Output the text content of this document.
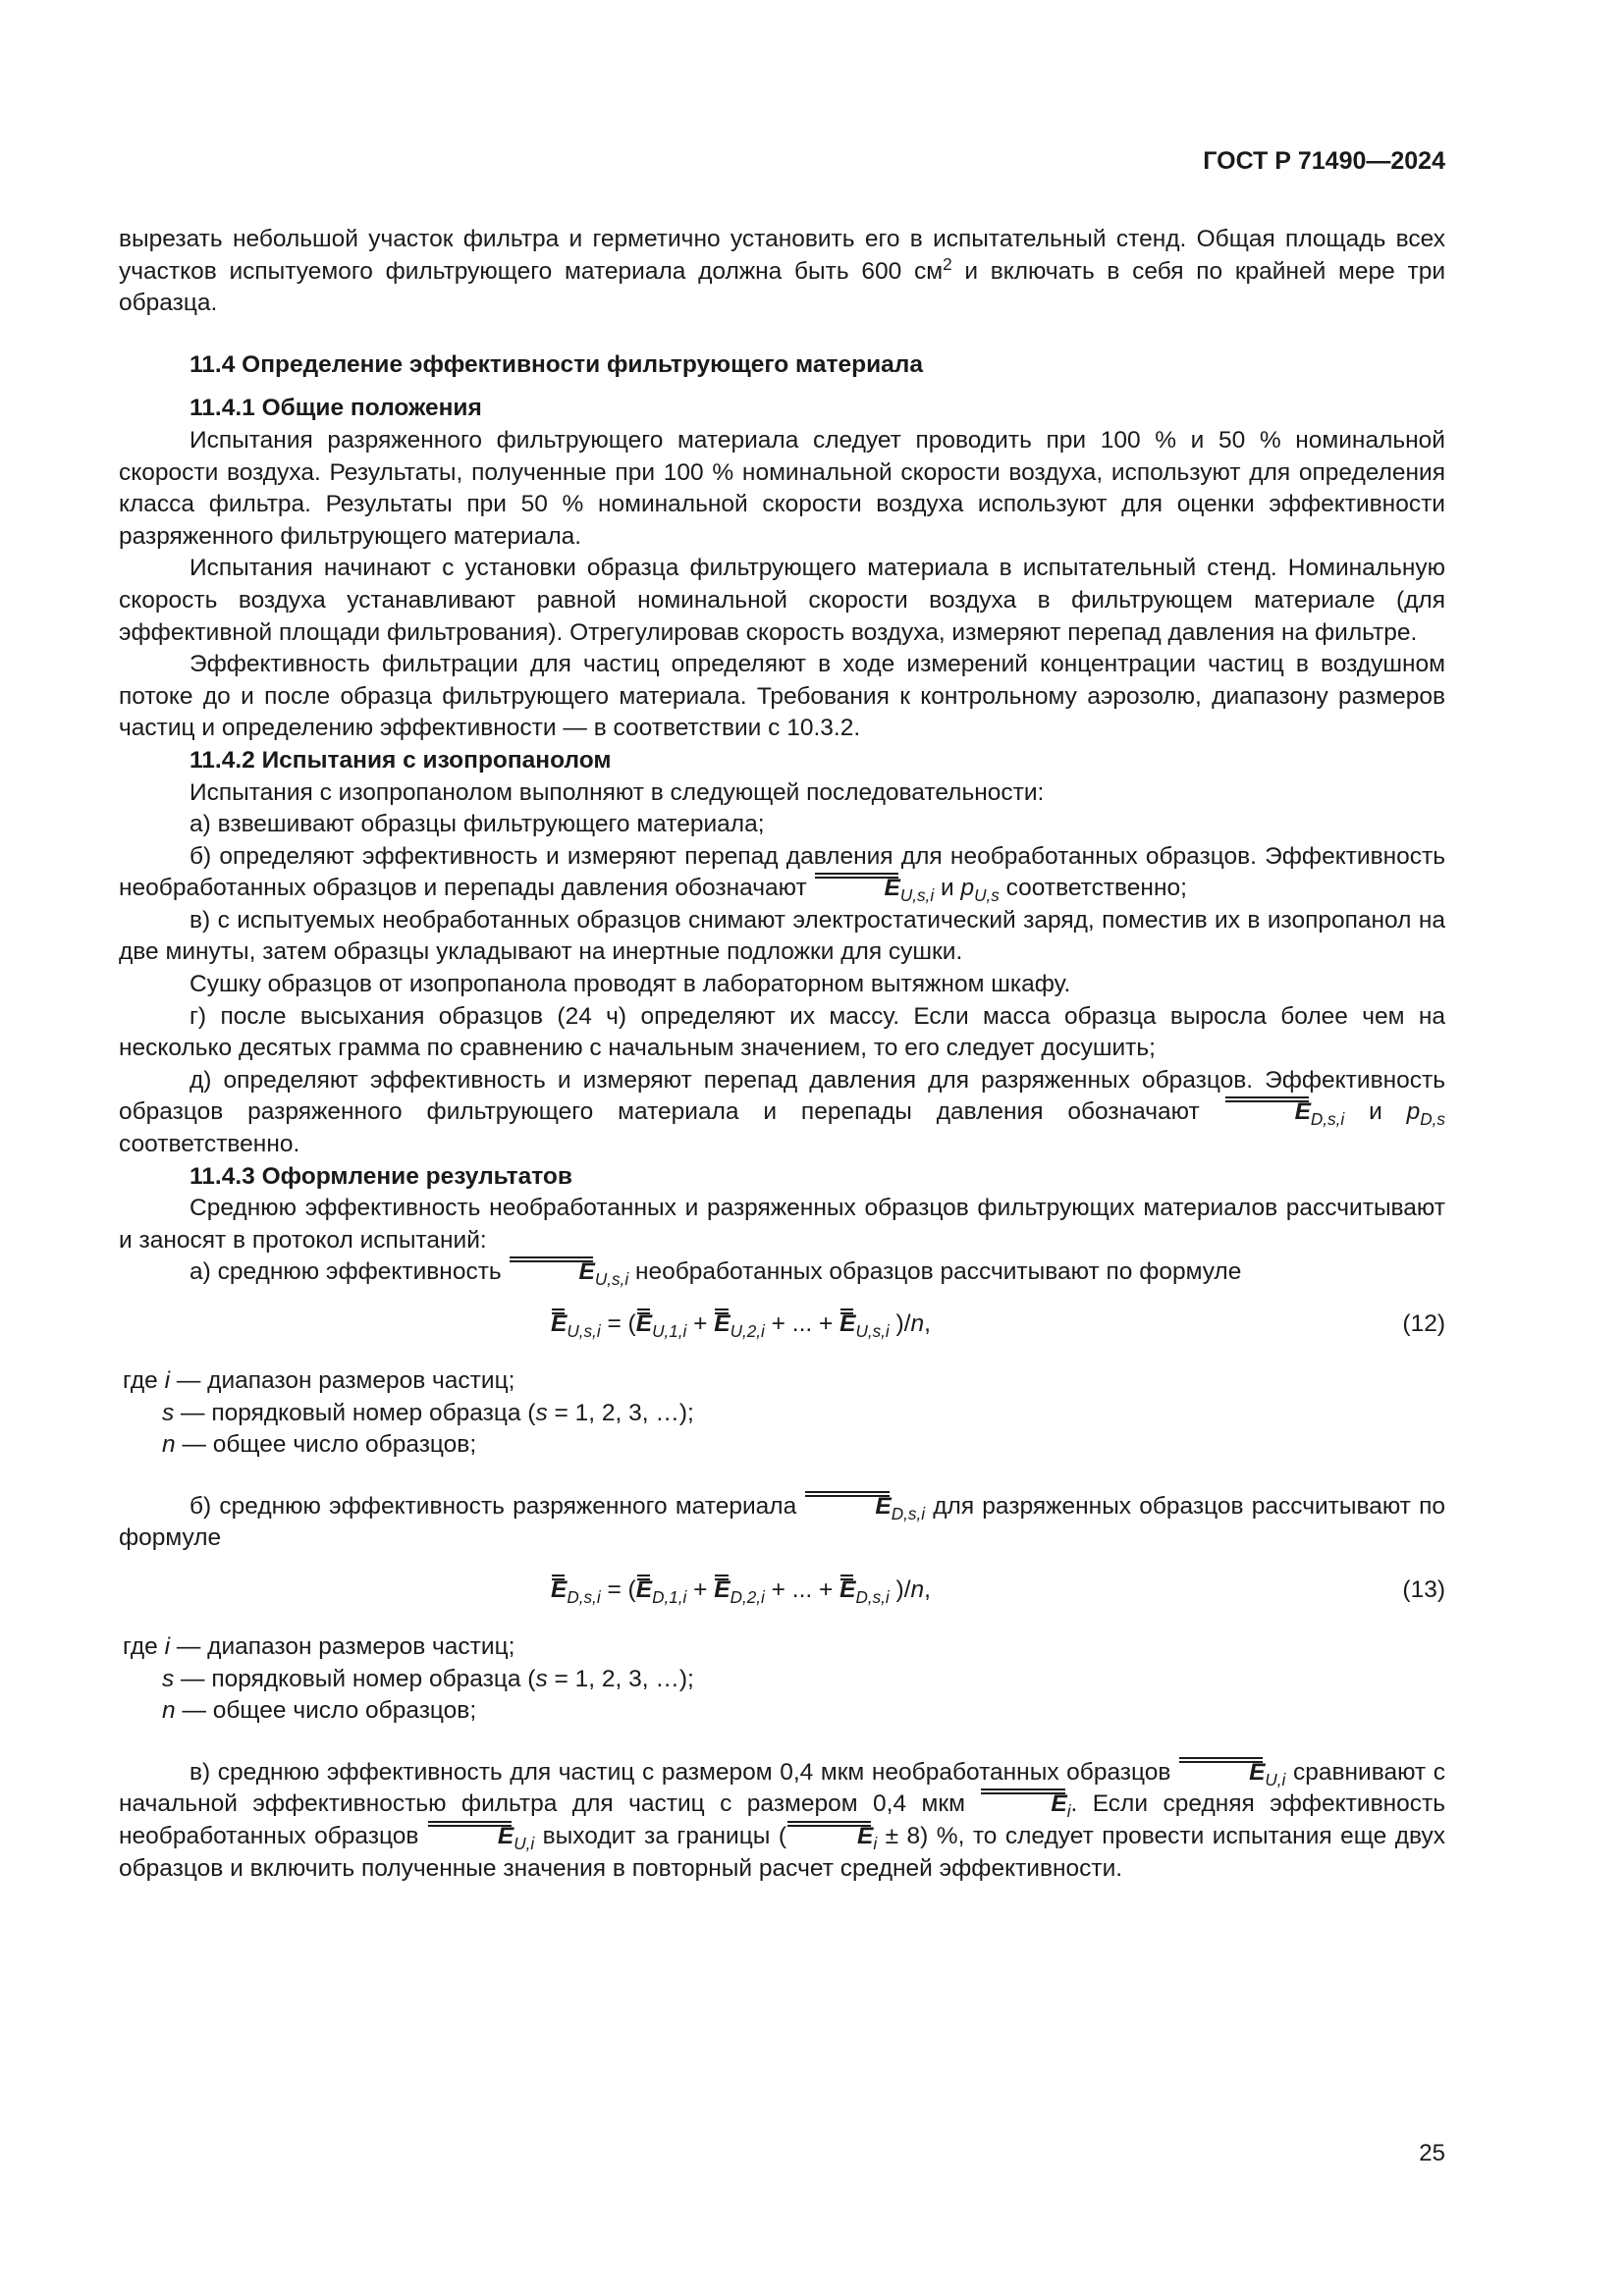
ГОСТ Р 71490—2024

вырезать небольшой участок фильтра и герметично установить его в испытательный стенд. Общая площадь всех участков испытуемого фильтрующего материала должна быть 600 $см^2$ и включать в себя по крайней мере три образца.

11.4 Определение эффективности фильтрующего материала

11.4.1 Общие положения

Испытания разряженного фильтрующего материала следует проводить при 100 % и 50 % номинальной скорости воздуха. Результаты, полученные при 100 % номинальной скорости воздуха, используют для определения класса фильтра. Результаты при 50 % номинальной скорости воздуха используют для оценки эффективности разряженного фильтрующего материала.

Испытания начинают с установки образца фильтрующего материала в испытательный стенд. Номинальную скорость воздуха устанавливают равной номинальной скорости воздуха в фильтрующем материале (для эффективной площади фильтрования). Отрегулировав скорость воздуха, измеряют перепад давления на фильтре.

Эффективность фильтрации для частиц определяют в ходе измерений концентрации частиц в воздушном потоке до и после образца фильтрующего материала. Требования к контрольному аэрозолю, диапазону размеров частиц и определению эффективности — в соответствии с 10.3.2.

11.4.2 Испытания с изопропанолом

Испытания с изопропанолом выполняют в следующей последовательности:

а) взвешивают образцы фильтрующего материала;

б) определяют эффективность и измеряют перепад давления для необработанных образцов. Эффективность необработанных образцов и перепады давления обозначают	$E_{U,s,i}$ и $p_{U,s}$ соответственно;

в) с испытуемых необработанных образцов снимают электростатический заряд, поместив их в изопропанол на две минуты, затем образцы укладывают на инертные подложки для сушки.

Сушку образцов от изопропанола проводят в лабораторном вытяжном шкафу.

г) после высыхания образцов (24 ч) определяют их массу. Если масса образца выросла более чем на несколько десятых грамма по сравнению с начальным значением, то его следует досушить;

д) определяют эффективность и измеряют перепад давления для разряженных образцов. Эффективность образцов разряженного фильтрующего материала и перепады давления обозначают	$E_{D,s,i}$ и $p_{D,s}$ соответственно.

11.4.3 Оформление результатов

Среднюю эффективность необработанных и разряженных образцов фильтрующих материалов рассчитывают и заносят в протокол испытаний:

а) среднюю эффективность	$E_{U,s,i}$ необработанных образцов рассчитывают по формуле

$E_{U,s,i} = (E_{U,1,i} + E_{U,2,i}$ + ... + $E_{U,s,i}$ )/n,	(12)

где i — диапазон размеров частиц;

s — порядковый номер образца (s = 1, 2, 3, …);

n — общее число образцов;

б) среднюю эффективность разряженного материала	$E_{D,s,i}$ для разряженных образцов рассчитывают по формуле

$E_{D,s,i} = (E_{D,1,i} + E_{D,2,i}$ + ... + $E_{D,s,i}$ )/n,	(13)

где i — диапазон размеров частиц;

s — порядковый номер образца (s = 1, 2, 3, …);

n — общее число образцов;

в) среднюю эффективность для частиц с размером 0,4 мкм необработанных образцов	$E_{U,i}$ сравнивают с начальной эффективностью фильтра для частиц с размером 0,4 мкм	$E_i$. Если средняя эффективность необработанных образцов	$E_{U,i}$ выходит за границы (	$E_i \pm 8$) %, то следует провести испытания еще двух образцов и включить полученные значения в повторный расчет средней эффективности.

25
